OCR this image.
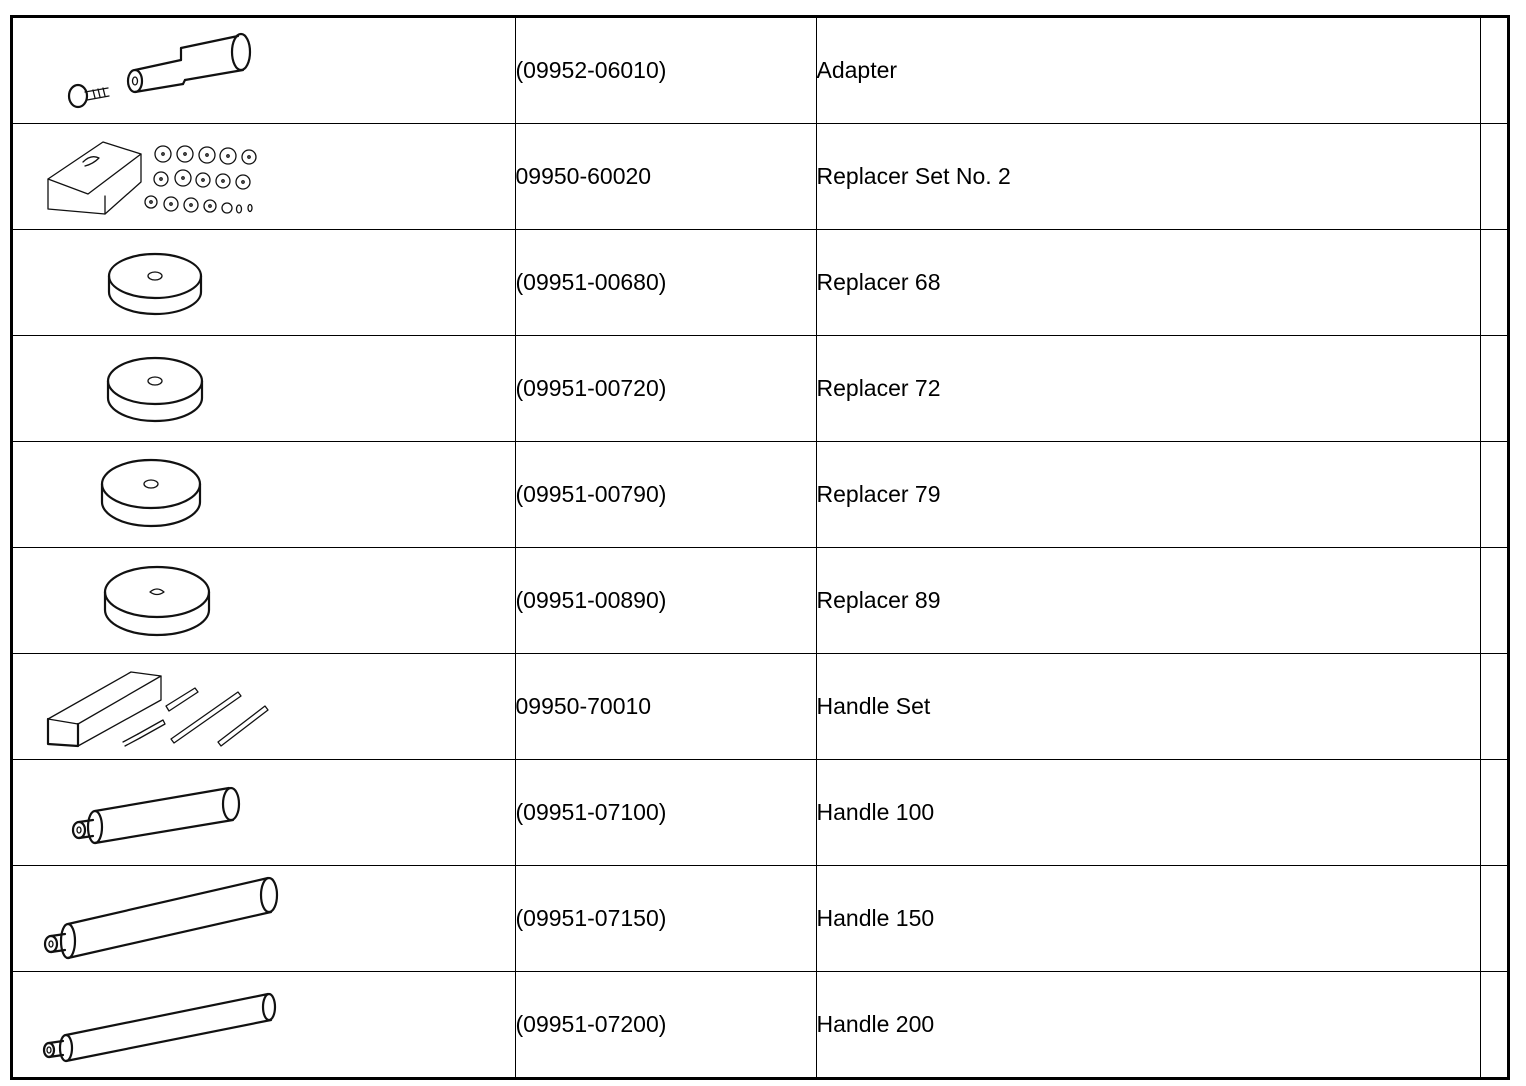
	(09952-06010)	Adapter	

	09950-60020	Replacer Set No. 2	

	(09951-00680)	Replacer 68	

	(09951-00720)	Replacer 72	

	(09951-00790)	Replacer 79	

	(09951-00890)	Replacer 89	

	09950-70010	Handle Set	

	(09951-07100)	Handle 100	

	(09951-07150)	Handle 150	

	(09951-07200)	Handle 200	
